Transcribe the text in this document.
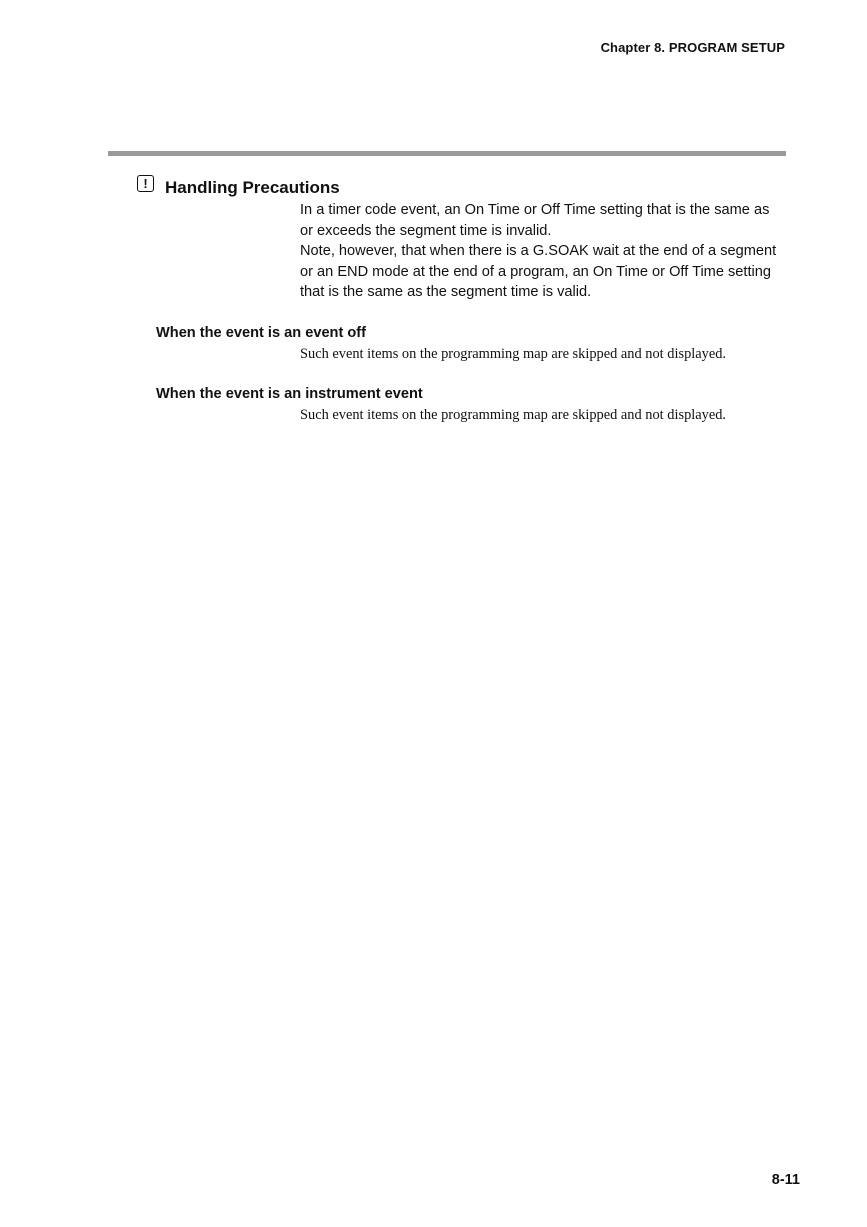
Chapter 8. PROGRAM SETUP
!	Handling Precautions

In a timer code event, an On Time or Off Time setting that is the same as or exceeds the segment time is invalid.

Note, however, that when there is a G.SOAK wait at the end of a segment or an END mode at the end of a program, an On Time or Off Time setting that is the same as the segment time is valid.

When the event is an event off
Such event items on the programming map are skipped and not displayed.
When the event is an instrument event
Such event items on the programming map are skipped and not displayed.
8-11
